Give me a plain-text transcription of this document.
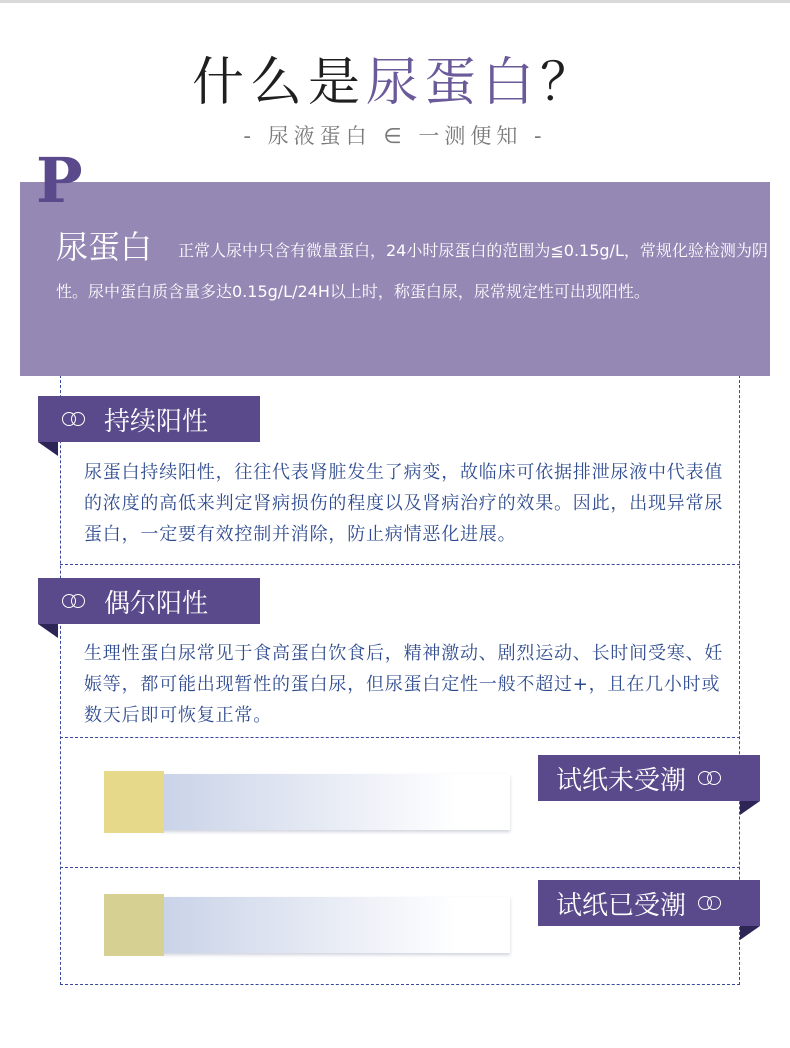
什么是尿蛋白？
- 尿液蛋白 ∈ 一测便知 -
P
尿蛋白	正常人尿中只含有微量蛋白，24小时尿蛋白的范围为≦0.15g/L，常规化验检测为阴性。尿中蛋白质含量多达0.15g/L/24H以上时，称蛋白尿，尿常规定性可出现阳性。
持续阳性
尿蛋白持续阳性，往往代表肾脏发生了病变，故临床可依据排泄尿液中代表值的浓度的高低来判定肾病损伤的程度以及肾病治疗的效果。因此，出现异常尿蛋白，一定要有效控制并消除，防止病情恶化进展。
偶尔阳性
生理性蛋白尿常见于食高蛋白饮食后，精神激动、剧烈运动、长时间受寒、妊娠等，都可能出现暂性的蛋白尿，但尿蛋白定性一般不超过+，且在几小时或数天后即可恢复正常。
试纸未受潮
试纸已受潮
